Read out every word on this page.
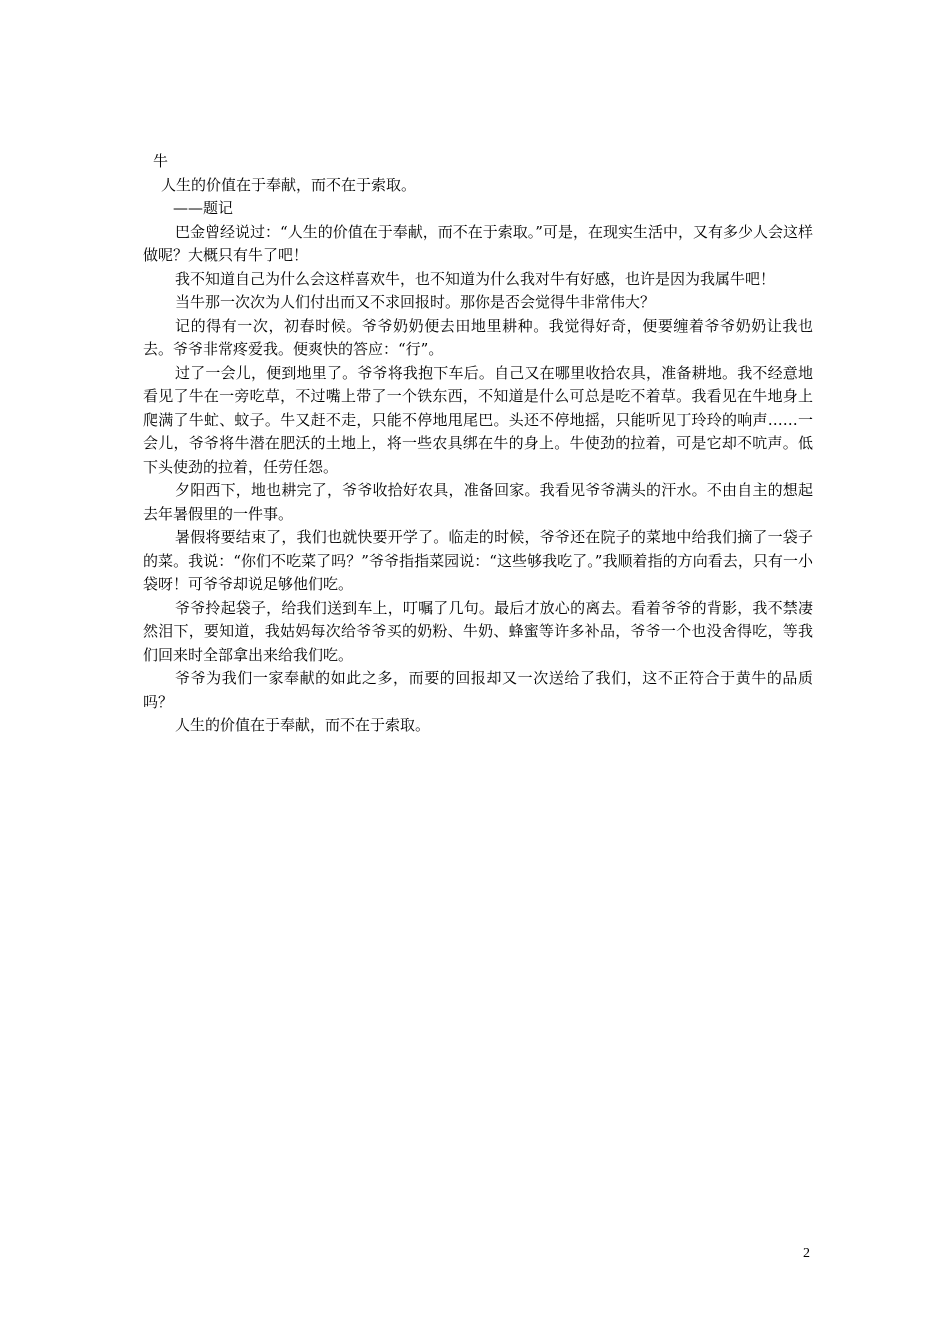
牛

人生的价值在于奉献，而不在于索取。

——题记

巴金曾经说过：“人生的价值在于奉献，而不在于索取。”可是，在现实生活中，又有多少人会这样做呢？大概只有牛了吧！

我不知道自己为什么会这样喜欢牛，也不知道为什么我对牛有好感，也许是因为我属牛吧！

当牛那一次次为人们付出而又不求回报时。那你是否会觉得牛非常伟大？

记的得有一次，初春时候。爷爷奶奶便去田地里耕种。我觉得好奇，便要缠着爷爷奶奶让我也去。爷爷非常疼爱我。便爽快的答应：“行”。

过了一会儿，便到地里了。爷爷将我抱下车后。自己又在哪里收拾农具，准备耕地。我不经意地看见了牛在一旁吃草，不过嘴上带了一个铁东西，不知道是什么可总是吃不着草。我看见在牛地身上爬满了牛虻、蚊子。牛又赶不走，只能不停地甩尾巴。头还不停地摇，只能听见丁玲玲的响声……一会儿，爷爷将牛潜在肥沃的土地上，将一些农具绑在牛的身上。牛使劲的拉着，可是它却不吭声。低下头使劲的拉着，任劳任怨。

夕阳西下，地也耕完了，爷爷收拾好农具，准备回家。我看见爷爷满头的汗水。不由自主的想起去年暑假里的一件事。

暑假将要结束了，我们也就快要开学了。临走的时候，爷爷还在院子的菜地中给我们摘了一袋子的菜。我说：“你们不吃菜了吗？”爷爷指指菜园说：“这些够我吃了。”我顺着指的方向看去，只有一小袋呀！可爷爷却说足够他们吃。

爷爷拎起袋子，给我们送到车上，叮嘱了几句。最后才放心的离去。看着爷爷的背影，我不禁凄然泪下，要知道，我姑妈每次给爷爷买的奶粉、牛奶、蜂蜜等许多补品，爷爷一个也没舍得吃，等我们回来时全部拿出来给我们吃。

爷爷为我们一家奉献的如此之多，而要的回报却又一次送给了我们，这不正符合于黄牛的品质吗？

人生的价值在于奉献，而不在于索取。

2
